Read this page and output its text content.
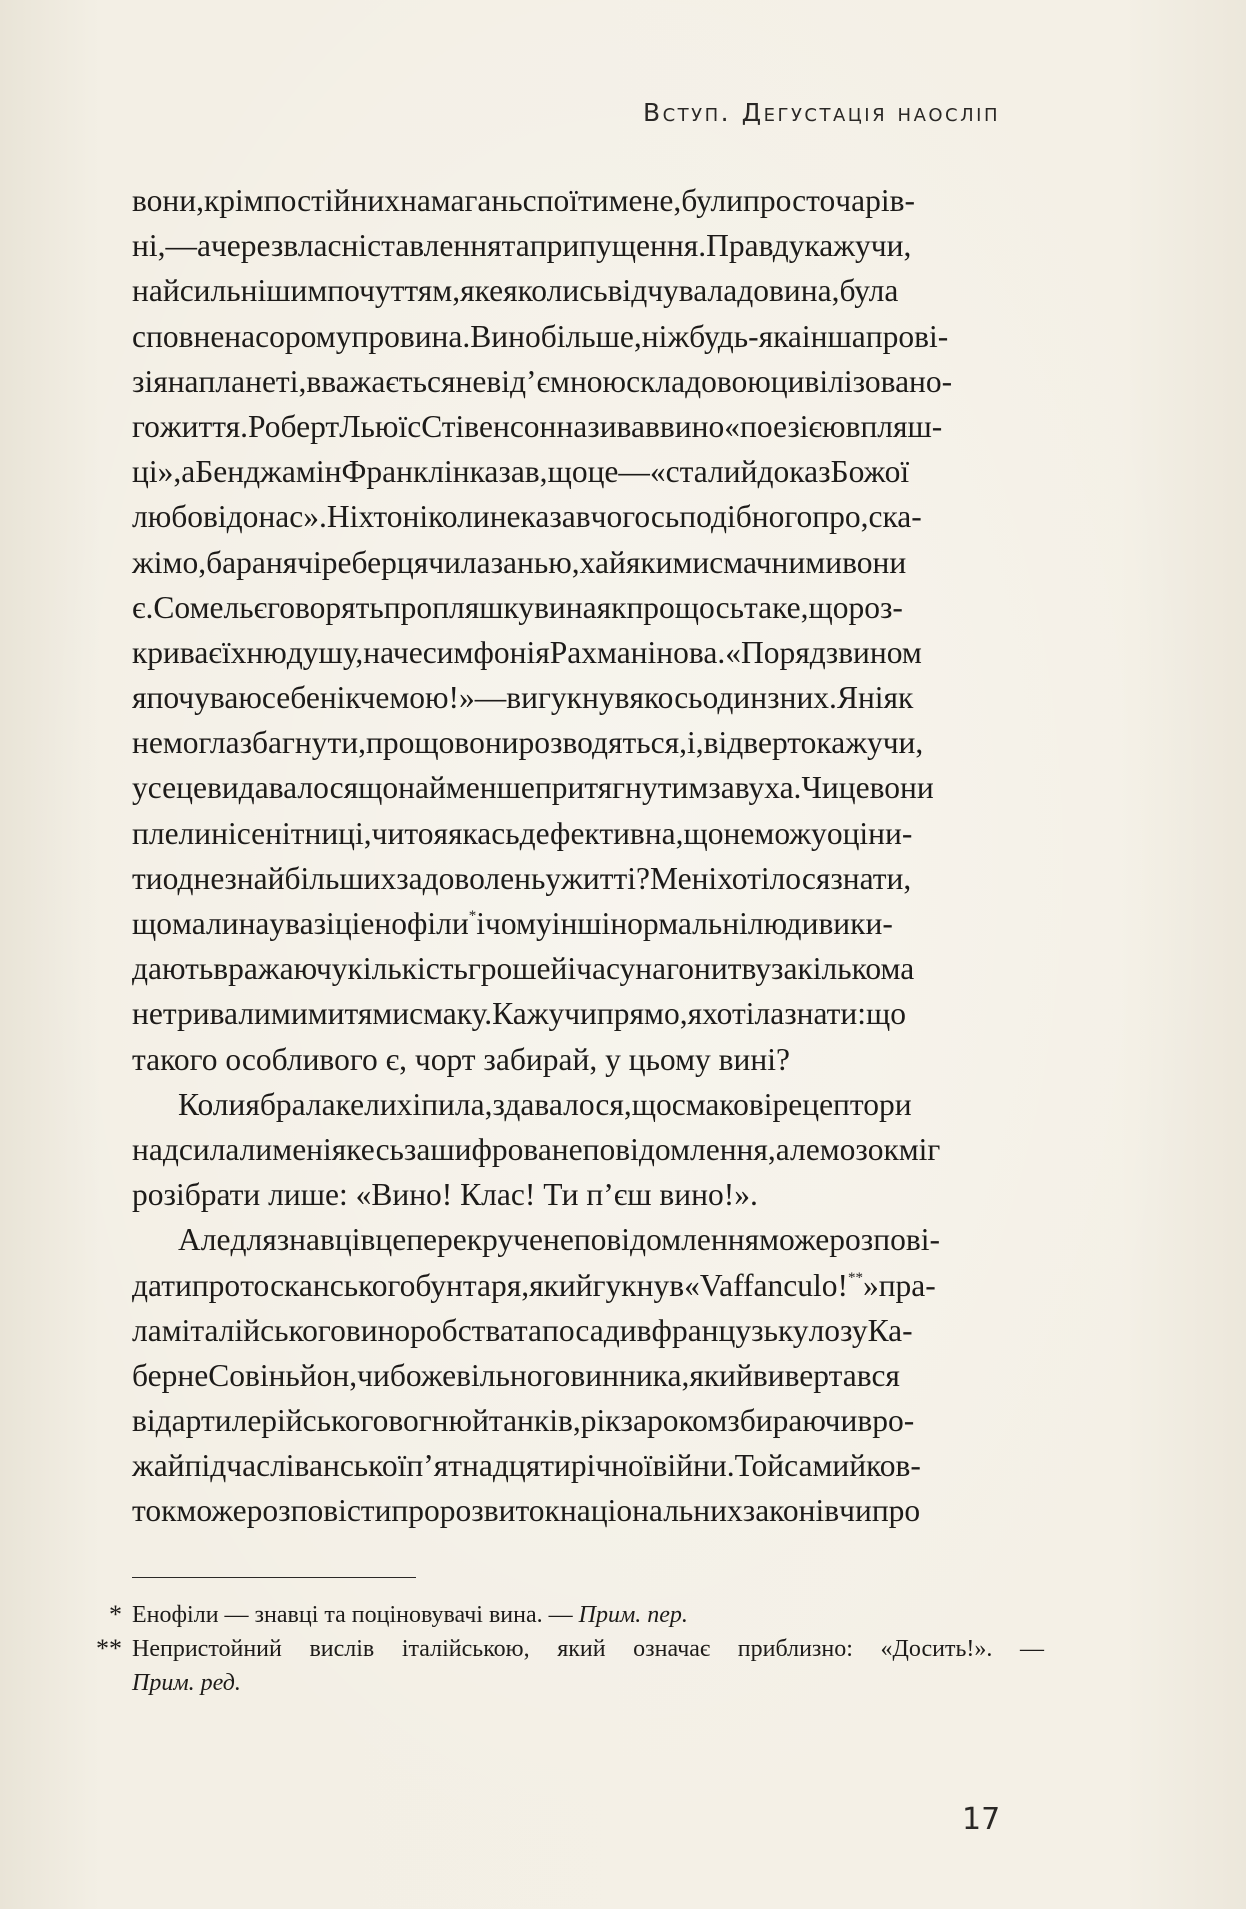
Вступ. Дегустація наосліп
вони,крімпостійнихнамаганьспоїтимене,булипросточарів-
ні,—ачерезвласніставленнятаприпущення.Правдукажучи,
найсильнішимпочуттям,якеяколисьвідчуваладовина,була
сповненасоромупровина.Винобільше,ніжбудь-якаіншапрові-
зіянапланеті,вважаєтьсяневід’ємноюскладовоюцивілізовано-
гожиття.РобертЛьюїсСтівенсонназиваввино«поезієювпляш-
ці»,аБенджамінФранклінказав,щоце—«сталийдоказБожої
любовідонас».Ніхтоніколинеказавчогосьподібногопро,ска-
жімо,баранячіреберцячилазанью,хайякимисмачнимивони
є.Сомельєговорятьпропляшкувинаякпрощосьтаке,щороз-
криваєїхнюдушу,начесимфоніяРахманінова.«Порядзвином
япочуваюсебенікчемою!»—вигукнувякосьодинзних.Яніяк
немоглазбагнути,прощовонирозводяться,і,відвертокажучи,
усецевидавалосящонайменшепритягнутимзавуха.Чицевони
плелинісенітниці,читояякасьдефективна,щонеможуоціни-
тиоднезнайбільшихзадоволеньужитті?Меніхотілосязнати,
щомалинаувазіціенофіли*ічомуіншінормальнілюдивики-
даютьвражаючукількістьгрошейічасунагонитвузакількома
нетривалимимитямисмаку.Кажучипрямо,яхотілазнати:що
такого особливого є, чорт забирай, у цьому вині?
Колиябралакелихіпила,здавалося,щосмаковірецептори
надсилалименіякесьзашифрованеповідомлення,алемозокміг
розібрати лише: «Вино! Клас! Ти п’єш вино!».
Аледлязнавцівцеперекрученеповідомленняможерозпові-
датипротосканськогобунтаря,якийгукнув«Vaffanculo!**»пра-
ламіталійськоговиноробстватапосадивфранцузькулозуКа-
бернеСовіньйон,чибожевільноговинника,якийвивертався
відартилерійськоговогнюйтанків,рікзарокомзбираючивро-
жайпідчасліванськоїп’ятнадцятирічноївійни.Тойсамийков-
токможерозповістипророзвитокнаціональнихзаконівчипро
* Енофіли — знавці та поціновувачі вина. — Прим. пер.
** Непристойний вислів італійською, який означає приблизно: «Досить!». —
Прим. ред.
17
